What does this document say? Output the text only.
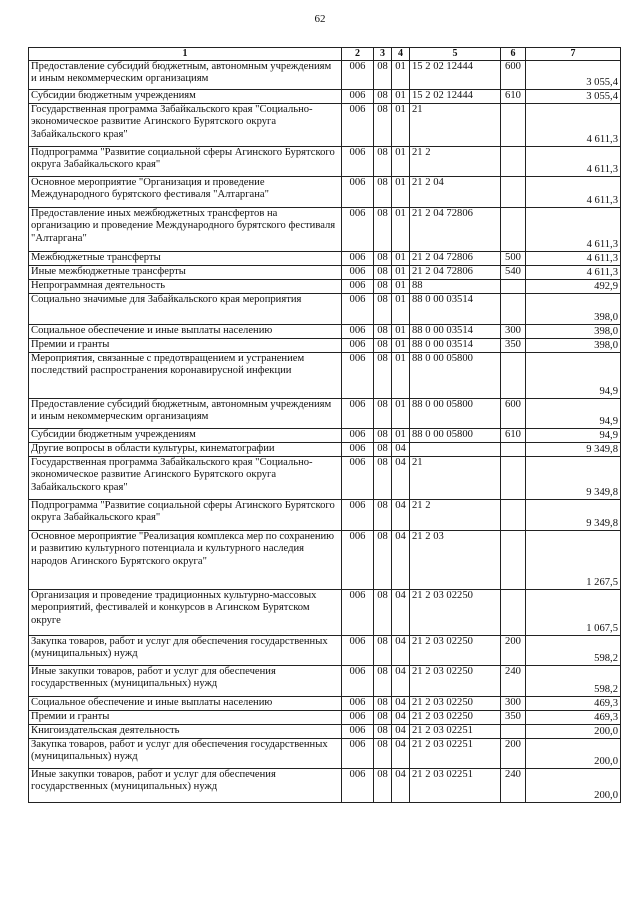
62
1	2	3	4	5	6	7
Предоставление субсидий бюджетным, автономным учреждениям и иным некоммерческим организациям	006	08	01	15 2 02 12444	600	3 055,4
Субсидии бюджетным учреждениям	006	08	01	15 2 02 12444	610	3 055,4
Государственная программа Забайкальского края "Социально-экономическое развитие Агинского Бурятского округа Забайкальского края"	006	08	01	21		4 611,3
Подпрограмма "Развитие социальной сферы Агинского Бурятского округа Забайкальского края"	006	08	01	21 2		4 611,3
Основное мероприятие "Организация и проведение Международного бурятского фестиваля "Алтаргана"	006	08	01	21 2 04		4 611,3
Предоставление иных межбюджетных трансфертов на организацию и проведение Международного бурятского фестиваля "Алтаргана"	006	08	01	21 2 04 72806		4 611,3
Межбюджетные трансферты	006	08	01	21 2 04 72806	500	4 611,3
Иные межбюджетные трансферты	006	08	01	21 2 04 72806	540	4 611,3
Непрограммная деятельность	006	08	01	88		492,9
Социально значимые для Забайкальского края мероприятия	006	08	01	88 0 00 03514		398,0
Социальное обеспечение и иные выплаты населению	006	08	01	88 0 00 03514	300	398,0
Премии и гранты	006	08	01	88 0 00 03514	350	398,0
Мероприятия, связанные с предотвращением и устранением последствий распространения коронавирусной инфекции	006	08	01	88 0 00 05800		94,9
Предоставление субсидий бюджетным, автономным учреждениям и иным некоммерческим организациям	006	08	01	88 0 00 05800	600	94,9
Субсидии бюджетным учреждениям	006	08	01	88 0 00 05800	610	94,9
Другие вопросы в области культуры, кинематографии	006	08	04			9 349,8
Государственная программа Забайкальского края "Социально-экономическое развитие Агинского Бурятского округа Забайкальского края"	006	08	04	21		9 349,8
Подпрограмма "Развитие социальной сферы Агинского Бурятского округа Забайкальского края"	006	08	04	21 2		9 349,8
Основное мероприятие "Реализация комплекса мер по сохранению и развитию культурного потенциала и культурного наследия народов Агинского Бурятского округа"	006	08	04	21 2 03		1 267,5
Организация и проведение традиционных культурно-массовых мероприятий, фестивалей и конкурсов в Агинском Бурятском округе	006	08	04	21 2 03 02250		1 067,5
Закупка товаров, работ и услуг для обеспечения государственных (муниципальных) нужд	006	08	04	21 2 03 02250	200	598,2
Иные закупки товаров, работ и услуг для обеспечения государственных (муниципальных) нужд	006	08	04	21 2 03 02250	240	598,2
Социальное обеспечение и иные выплаты населению	006	08	04	21 2 03 02250	300	469,3
Премии и гранты	006	08	04	21 2 03 02250	350	469,3
Книгоиздательская деятельность	006	08	04	21 2 03 02251		200,0
Закупка товаров, работ и услуг для обеспечения государственных (муниципальных) нужд	006	08	04	21 2 03 02251	200	200,0
Иные закупки товаров, работ и услуг для обеспечения государственных (муниципальных) нужд	006	08	04	21 2 03 02251	240	200,0
